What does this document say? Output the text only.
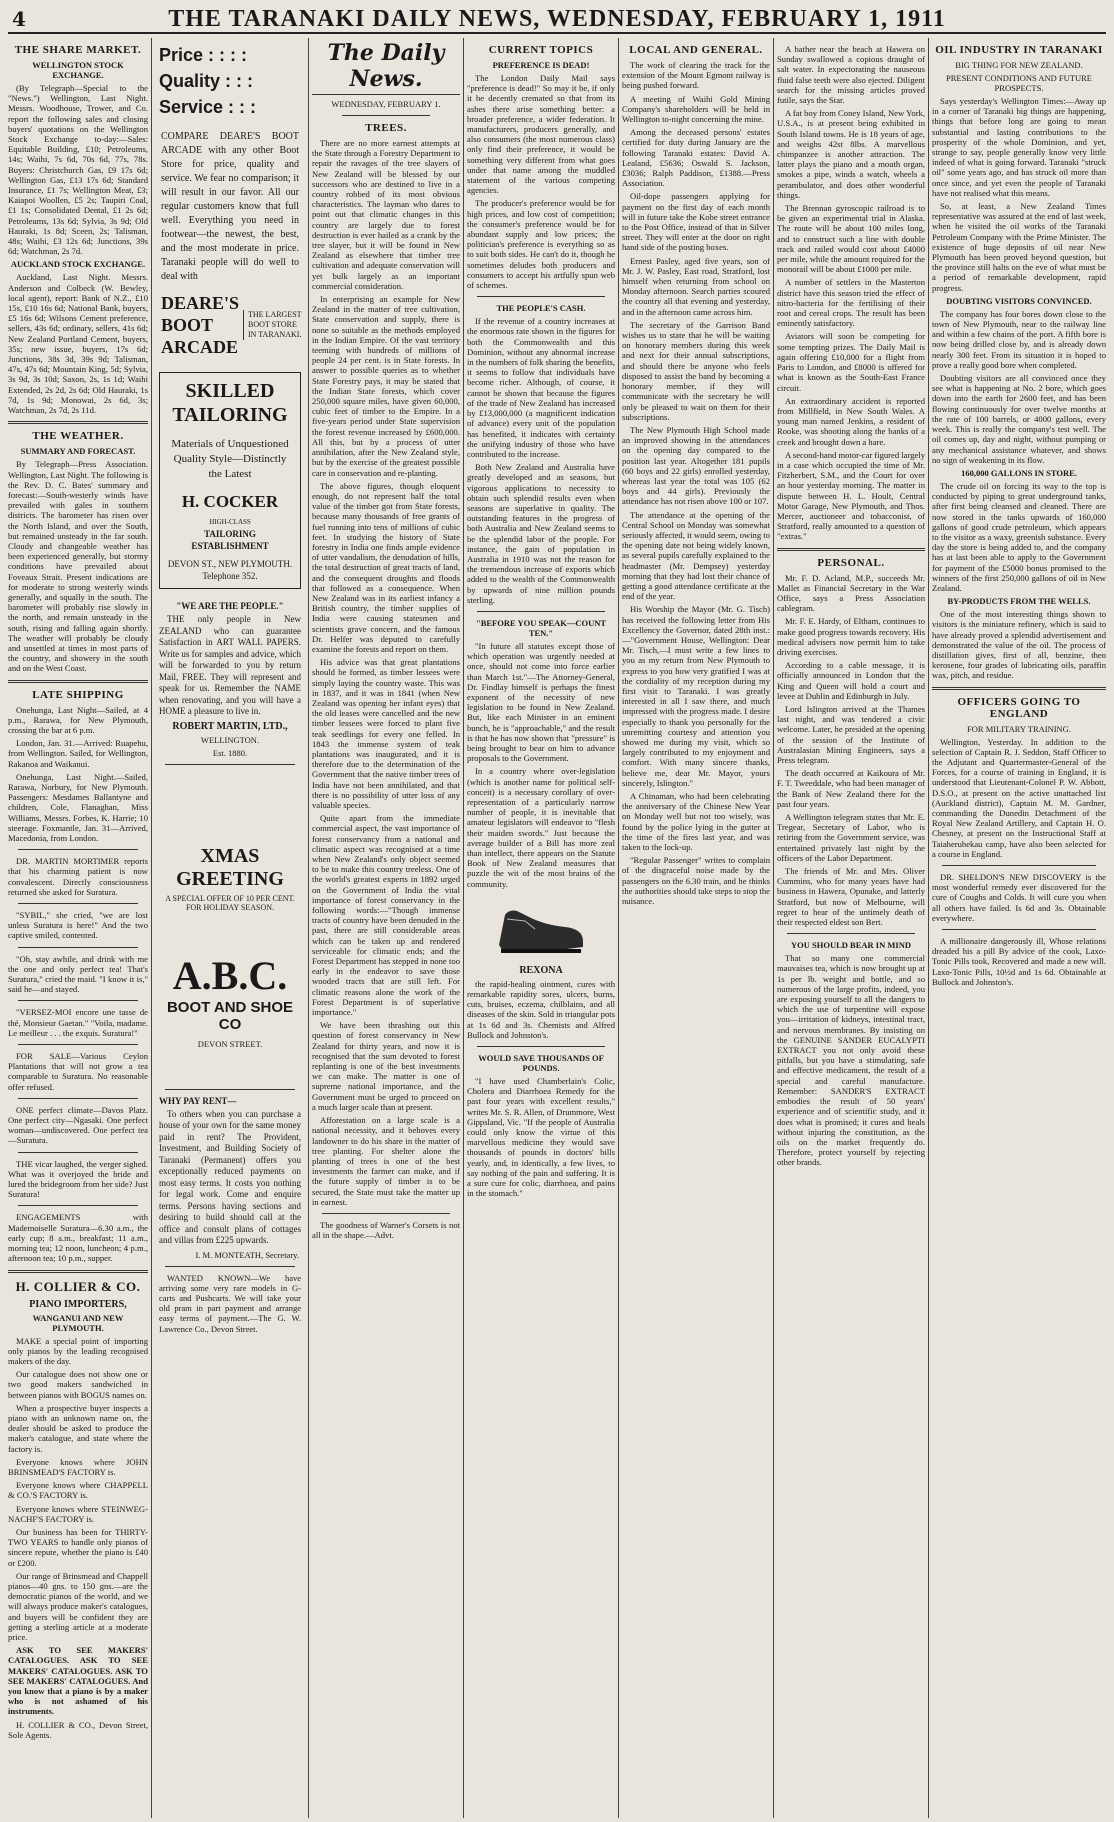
4	THE TARANAKI DAILY NEWS, WEDNESDAY, FEBRUARY 1, 1911
THE SHARE MARKET.
WELLINGTON STOCK EXCHANGE.

(By Telegraph—Special to the "News.") Wellington, Last Night. Messrs. Woodhouse, Trower, and Co. report the following sales and closing buyers' quotations on the Wellington Stock Exchange to-day:—Sales: Equitable Building, £10; Petroleums, 14s; Waihi, 7s 6d, 70s 6d, 77s, 78s. Buyers: Christchurch Gas, £9 17s 6d; Wellington Gas, £13 17s 6d; Standard Insurance, £1 7s; Wellington Meat, £3; Kaiapoi Woollen, £5 2s; Taupiri Coal, £1 1s; Consolidated Dental, £1 2s 6d; Petroleums, 13s 6d; Sylvia, 3s 9d; Old Hauraki, 1s 8d; Sceen, 2s; Talisman, 48s; Waihi, £3 12s 6d; Junctions, 39s 6d; Watchman, 2s 7d.

AUCKLAND STOCK EXCHANGE.

Auckland, Last Night. Messrs. Anderson and Colbeck (W. Bewley, local agent), report: Bank of N.Z., £10 15s, £10 16s 6d; National Bank, buyers, £5 16s 6d; Wilsons Cement preference, sellers, 43s 6d; ordinary, sellers, 41s 6d; New Zealand Portland Cement, buyers, 35s; new issue, buyers, 17s 6d; Junctions, 38s 3d, 39s 9d; Talisman, 47s, 47s 6d; Mountain King, 5d; Sylvia, 3s 9d, 3s 10d; Saxon, 2s, 1s 1d; Waihi Extended, 2s 2d, 2s 6d; Old Hauraki, 1s 7d, 1s 9d; Monowai, 2s 6d, 3s; Watchman, 2s 7d, 2s 11d.

THE WEATHER.
SUMMARY AND FORECAST.

By Telegraph—Press Association. Wellington, Last Night. The following is the Rev. D. C. Bates' summary and forecast:—South-westerly winds have prevailed with gales in southern districts. The barometer has risen over the North Island, and over the South, but remained unsteady in the far south. Cloudy and changeable weather has been experienced generally, but stormy conditions have prevailed about Foveaux Strait. Present indications are for moderate to strong westerly winds generally, and squally in the south. The barometer will probably rise slowly in the north, and remain unsteady in the south, rising and falling again shortly. The weather will probably be cloudy and unsettled at times in most parts of the country, and showery in the south and on the West Coast.

LATE SHIPPING

Onehunga, Last Night—Sailed, at 4 p.m., Rarawa, for New Plymouth, crossing the bar at 6 p.m.

London, Jan. 31.—Arrived: Ruapehu, from Wellington. Sailed, for Wellington, Rakanoa and Waikanui.

Onehunga, Last Night.—Sailed, Rarawa, Norbury, for New Plymouth. Passengers: Mesdames Ballantyne and children, Cole, Flanaghan, Miss Williams, Messrs. Forbes, K. Harrie; 10 steerage. Foxmantle, Jan. 31—Arrived, Macedonia, from London.

DR. MARTIN MORTIMER reports that his charming patient is now convalescent. Directly consciousness returned she asked for Suratura.

"SYBIL," she cried, "we are lost unless Suratura is here!" And the two captive smiled, contented.

"Oh, stay awhile, and drink with me the one and only perfect tea! That's Suratura," cried the maid. "I know it is," said he—and stayed.

"VERSEZ-MOI encore une tasse de thé, Monsieur Gaetan." "Voila, madame. Le meilleur . . . the exquis. Suratura!"

FOR SALE—Various Ceylon Plantations that will not grow a tea comparable to Suratura. No reasonable offer refused.

ONE perfect climate—Davos Platz. One perfect city—Ngasaki. One perfect woman—undiscovered. One perfect tea—Suratura.

THE vicar laughed, the verger sighed. What was it overjoyed the bride and lured the bridegroom from her side? Just Suratura!

ENGAGEMENTS with Mademoiselle Suratura—6.30 a.m., the early cup; 8 a.m., breakfast; 11 a.m., morning tea; 12 noon, luncheon; 4 p.m., afternoon tea; 10 p.m., supper.

H. COLLIER & CO.
PIANO IMPORTERS,
WANGANUI AND NEW PLYMOUTH.

MAKE a special point of importing only pianos by the leading recognised makers of the day.

Our catalogue does not show one or two good makers sandwiched in between pianos with BOGUS names on.

When a prospective buyer inspects a piano with an unknown name on, the dealer should be asked to produce the maker's catalogue, and state where the factory is.

Everyone knows where JOHN BRINSMEAD'S FACTORY is.

Everyone knows where CHAPPELL & CO.'S FACTORY is.

Everyone knows where STEINWEG-NACHF'S FACTORY is.

Our business has been for THIRTY-TWO YEARS to handle only pianos of sincere repute, whether the piano is £40 or £200.

Our range of Brinsmead and Chappell pianos—40 gns. to 150 gns.—are the democratic pianos of the world, and we will always produce maker's catalogues, and buyers will be confident they are getting a sterling article at a moderate price.

ASK TO SEE MAKERS' CATALOGUES. ASK TO SEE MAKERS' CATALOGUES. ASK TO SEE MAKERS' CATALOGUES. And you know that a piano is by a maker who is not ashamed of his instruments.

H. COLLIER & CO., Devon Street, Sole Agents.

Price : : : :
Quality : : :
Service : : :

COMPARE DEARE'S BOOT ARCADE with any other Boot Store for price, quality and service. We fear no comparison; it will result in our favor. All our regular customers know that full well. Everything you need in footwear—the newest, the best, and the most moderate in price. Taranaki people will do well to deal with

DEARE'S BOOT ARCADE
THE LARGEST BOOT STORE IN TARANAKI.
SKILLED TAILORING
Materials of Unquestioned Quality Style—Distinctly the Latest
H. COCKER
HIGH-CLASS
TAILORING ESTABLISHMENT
DEVON ST., NEW PLYMOUTH.
Telephone 352.
"WE ARE THE PEOPLE."

THE only people in New ZEALAND who can guarantee Satisfaction in ART WALL PAPERS. Write us for samples and advice, which will be forwarded to you by return Mail, FREE. They will represent and speak for us. Remember the NAME when renovating, and you will have a HOME a pleasure to live in.

ROBERT MARTIN, LTD.,
WELLINGTON.
Est. 1880.
XMAS GREETING
A SPECIAL OFFER OF 10 PER CENT. FOR HOLIDAY SEASON.
A.B.C.
BOOT AND SHOE CO
DEVON STREET.
WHY PAY RENT—

To others when you can purchase a house of your own for the same money paid in rent? The Provident, Investment, and Building Society of Taranaki (Permanent) offers you exceptionally reduced payments on most easy terms. It costs you nothing for legal work. Come and enquire terms. Persons having sections and desiring to build should call at the office and consult plans of cottages and villas from £225 upwards.

I. M. MONTEATH, Secretary.

WANTED KNOWN—We have arriving some very rare models in G-carts and Pushcarts. We will take your old pram in part payment and arrange easy terms of payment.—The G. W. Lawrence Co., Devon Street.

The Daily News.
WEDNESDAY, FEBRUARY 1.
TREES.

There are no more earnest attempts at the State through a Forestry Department to repair the ravages of the tree slayers of New Zealand will be blessed by our successors who are destined to live in a country robbed of its most obvious characteristics. The layman who dares to point out that climatic changes in this country are largely due to forest destruction is ever hailed as a crank by the tree slayer, but it will be found in New Zealand as elsewhere that timber tree cultivation and adequate conservation will yet bulk largely as an important commercial consideration.

In enterprising an example for New Zealand in the matter of tree cultivation, State conservation and supply, there is none so suitable as the methods employed in the Indian Empire. Of the vast territory teeming with hundreds of millions of people 24 per cent. is in State forests. In answer to possible queries as to whether State Forestry pays, it may be stated that the Indian State forests, which cover 250,000 square miles, have given 60,000, cubic feet of timber to the Empire. In a five-years period under State supervision the forest revenue increased by £600,000. All this, but by a process of utter annihilation, after the New Zealand style, but by the exercise of the greatest possible care in conservation and re-planting.

The above figures, though eloquent enough, do not represent half the total value of the timber got from State forests, because many thousands of free grants of fuel running into tens of millions of cubic feet. In studying the history of State forestry in India one finds ample evidence of utter vandalism, the denudation of hills, the total destruction of great tracts of land, and the consequent droughts and floods that followed as a consequence. When New Zealand was in its earliest infancy a British country, the timber supplies of India were causing statesmen and scientists grave concern, and the famous Dr. Helfer was deputed to carefully examine the forests and report on them.

His advice was that great plantations should be formed, as timber lessees were simply laying the country waste. This was in 1837, and it was in 1841 (when New Zealand was opening her infant eyes) that the old leases were cancelled and the new timber lessees were forced to plant five teak seedlings for every one felled. In 1843 the immense system of teak plantations was inaugurated, and it is therefore due to the determination of the Government that the native timber trees of India have not been annihilated, and that there is no possibility of utter loss of any valuable species.

Quite apart from the immediate commercial aspect, the vast importance of forest conservancy from a national and climatic aspect was recognised at a time when New Zealand's only object seemed to be to make this country treeless. One of the world's greatest experts in 1892 urged on the Government of India the vital importance of forest conservancy in the following words:—"Though immense tracts of country have been denuded in the past, there are still considerable areas which can be taken up and rendered serviceable for climatic ends; and the Forest Department has stepped in none too early in the endeavor to save those wooded tracts that are still left. For climatic reasons alone the work of the Forest Department is of superlative importance."

We have been thrashing out this question of forest conservancy in New Zealand for thirty years, and now it is recognised that the sum devoted to forest replanting is one of the best investments we can make. The matter is one of supreme national importance, and the Government must be urged to proceed on a much larger scale than at present.

Afforestation on a large scale is a national necessity, and it behoves every landowner to do his share in the matter of tree planting. For shelter alone the planting of trees is one of the best investments the farmer can make, and if the future supply of timber is to be secured, the State must take the matter up in earnest.

The goodness of Warner's Corsets is not all in the shape.—Advt.

CURRENT TOPICS
PREFERENCE IS DEAD!

The London Daily Mail says "preference is dead!" So may it be, if only it be decently cremated so that from its ashes there arise something better: a broader preference, a wider federation. It manufacturers, producers generally, and also consumers (the most numerous class) only find their preference, it would be something very different from what goes under that name among the muddled statement of the various competing agencies.

The producer's preference would be for high prices, and low cost of competition; the consumer's preference would be for abundant supply and low prices; the politician's preference is everything so as to suit both sides. He can't do it, though he sometimes deludes both producers and consumers to accept his artfully spun web of schemes.

THE PEOPLE'S CASH.

If the revenue of a country increases at the enormous rate shown in the figures for both the Commonwealth and this Dominion, without any abnormal increase in the numbers of folk sharing the benefits, it seems to follow that individuals have become richer. Although, of course, it cannot be shown that because the figures of the trade of New Zealand has increased by £13,000,000 (a magnificent indication of advance) every unit of the population has benefited, it indicates with certainty the unifying industry of those who have contributed to the increase.

Both New Zealand and Australia have greatly developed and as seasons, but vigorous applications to necessity to obtain such splendid results even when seasons are superlative in quality. The outstanding features in the progress of both Australia and New Zealand seems to be the splendid labor of the people. For instance, the gain of population in Australia in 1910 was not the reason for the tremendous increase of exports which added to the wealth of the Commonwealth by upwards of nine million pounds sterling.

"BEFORE YOU SPEAK—COUNT TEN."

"In future all statutes except those of which operation was urgently needed at once, should not come into force earlier than March 1st."—The Attorney-General, Dr. Findlay himself is perhaps the finest exponent of the necessity of new legislation to be found in New Zealand. But, like each Minister in an eminent bunch, he is "approachable," and the result is that he has now shown that "pressure" is being brought to bear on him to advance proposals to the Government.

In a country where over-legislation (which is another name for political self-conceit) is a necessary corollary of over-representation of a particularly narrow number of people, it is inevitable that amateur legislators will endeavor to "flesh their maiden swords." Just because the average builder of a Bill has more zeal than intellect, there appears on the Statute Book of New Zealand measures that puzzle the wit of the most brains of the community.

REXONA

the rapid-healing ointment, cures with remarkable rapidity sores, ulcers, burns, cuts, bruises, eczema, chilblains, and all diseases of the skin. Sold in triangular pots at 1s 6d and 3s. Chemists and Alfred Bullock and Johnston's.

WOULD SAVE THOUSANDS OF POUNDS.

"I have used Chamberlain's Colic, Cholera and Diarrhoea Remedy for the past four years with excellent results," writes Mr. S. R. Allen, of Drummore, West Gippsland, Vic. "If the people of Australia could only know the virtue of this marvellous medicine they would save thousands of pounds in doctors' bills yearly, and, in identically, a few lives, to say nothing of the pain and suffering. It is a sure cure for colic, diarrhoea, and pains in the stomach."

LOCAL AND GENERAL.

The work of clearing the track for the extension of the Mount Egmont railway is being pushed forward.

A meeting of Waihi Gold Mining Company's shareholders will be held in Wellington to-night concerning the mine.

Among the deceased persons' estates certified for duty during January are the following Taranaki estates: David A. Lealand, £5636; Oswald S. Jackson, £3036; Ralph Paddison, £1388.—Press Association.

Oil-dope passengers applying for payment on the first day of each month will in future take the Kobe street entrance to the Post Office, instead of that in Silver street. They will enter at the door on right hand side of the posting boxes.

Ernest Pasley, aged five years, son of Mr. J. W. Pasley, East road, Stratford, lost himself when returning from school on Monday afternoon. Search parties scoured the country all that evening and yesterday, and in the afternoon came across him.

The secretary of the Garrison Band wishes us to state that he will be waiting on honorary members during this week and next for their annual subscriptions, and should there be anyone who feels disposed to assist the band by becoming a honorary member, if they will communicate with the secretary he will only be pleased to wait on them for their subscriptions.

The New Plymouth High School made an improved showing in the attendances on the opening day compared to the position last year. Altogether 181 pupils (60 boys and 22 girls) enrolled yesterday, whereas last year the total was 105 (62 boys and 44 girls). Previously the attendance has not risen above 100 or 107.

The attendance at the opening of the Central School on Monday was somewhat seriously affected, it would seem, owing to the opening date not being widely known, as several pupils carefully explained to the headmaster (Mr. Dempsey) yesterday morning that they had lost their chance of getting a good attendance certificate at the end of the year.

His Worship the Mayor (Mr. G. Tisch) has received the following letter from His Excellency the Governor, dated 28th inst.:—"Government House, Wellington: Dear Mr. Tisch,—I must write a few lines to you as my return from New Plymouth to express to you how very gratified I was at the cordiality of my reception during my first visit to Taranaki. I was greatly interested in all I saw there, and much impressed with the progress made. I desire especially to thank you personally for the unremitting courtesy and attention you showed me during my visit, which so largely contributed to my enjoyment and comfort. With many sincere thanks, believe me, dear Mr. Mayor, yours sincerely, Islington."

A Chinaman, who had been celebrating the anniversary of the Chinese New Year on Monday well but not too wisely, was found by the police lying in the gutter at the time of the fires last year, and was taken to the lock-up.

"Regular Passenger" writes to complain of the disgraceful noise made by the passengers on the 6.30 train, and he thinks the authorities should take steps to stop the nuisance.

A bather near the beach at Hawera on Sunday swallowed a copious draught of salt water. In expectorating the nauseous fluid false teeth were also ejected. Diligent search for the missing articles proved futile, says the Star.

A fat boy from Coney Island, New York, U.S.A., is at present being exhibited in South Island towns. He is 18 years of age, and weighs 42st 8lbs. A marvellous chimpanzee is another attraction. The latter plays the piano and a mouth organ, smokes a pipe, winds a watch, wheels a perambulator, and does other wonderful things.

The Brennan gyroscopic railroad is to be given an experimental trial in Alaska. The route will be about 100 miles long, and to construct such a line with double track and railed would cost about £4000 per mile, while the amount required for the monorail will be about £1000 per mile.

A number of settlers in the Masterton district have this season tried the effect of nitro-bacteria for the fertilising of their root and cereal crops. The result has been eminently satisfactory.

Aviators will soon be competing for some tempting prizes. The Daily Mail is again offering £10,000 for a flight from Paris to London, and £8000 is offered for what is known as the South-East France circuit.

An extraordinary accident is reported from Millfield, in New South Wales. A young man named Jenkins, a resident of Rooke, was shooting along the banks of a creek and brought down a hare.

A second-hand motor-car figured largely in a case which occupied the time of Mr. Fitzherbert, S.M., and the Court for over an hour yesterday morning. The matter in dispute between H. L. Hoult, Central Motor Garage, New Plymouth, and Thos. Mercer, auctioneer and tobacconist, of Stratford, really amounted to a question of "extras."

PERSONAL.

Mr. F. D. Acland, M.P., succeeds Mr. Mallet as Financial Secretary in the War Office, says a Press Association cablegram.

Mr. F. E. Hardy, of Eltham, continues to make good progress towards recovery. His medical advisers now permit him to take driving exercises.

According to a cable message, it is officially announced in London that the King and Queen will hold a court and levee at Dublin and Edinburgh in July.

Lord Islington arrived at the Thames last night, and was tendered a civic welcome. Later, he presided at the opening of the session of the Institute of Australasian Mining Engineers, says a Press telegram.

The death occurred at Kaikoura of Mr. F. T. Tweeddale, who had been manager of the Bank of New Zealand there for the past four years.

A Wellington telegram states that Mr. E. Tregear, Secretary of Labor, who is retiring from the Government service, was entertained privately last night by the officers of the Labor Department.

The friends of Mr. and Mrs. Oliver Cummins, who for many years have had business in Hawera, Opunake, and latterly Stratford, but now of Melbourne, will regret to hear of the untimely death of their respected eldest son Bert.

YOU SHOULD BEAR IN MIND

That so many one commercial mauvaises tea, which is now brought up at 1s per lb. weight and bottle, and so numerous of the large profits, indeed, you are exposing yourself to all the dangers to which the use of turpentine will expose you—irritation of kidneys, intestinal tract, and nervous membranes. By insisting on the GENUINE SANDER EUCALYPTI EXTRACT you not only avoid these pitfalls, but you have a stimulating, safe and effective medicament, the result of a special and careful manufacture. Remember: SANDER'S EXTRACT embodies the result of 50 years' experience and of scientific study, and it does what is promised; it cures and heals without injuring the constitution, as the oils on the market frequently do. Therefore, protect yourself by rejecting other brands.

OIL INDUSTRY IN TARANAKI
BIG THING FOR NEW ZEALAND.
PRESENT CONDITIONS AND FUTURE PROSPECTS.

Says yesterday's Wellington Times:—Away up in a corner of Taranaki big things are happening, things that before long are going to mean substantial and lasting contributions to the prosperity of the whole Dominion, and yet, strange to say, people generally know very little indeed of what is going forward. Taranaki "struck oil" some years ago, and has struck oil more than once since, and yet even the people of Taranaki have not realised what this means.

So, at least, a New Zealand Times representative was assured at the end of last week, when he visited the oil works of the Taranaki Petroleum Company with the Prime Minister. The existence of huge deposits of oil near New Plymouth has been proved beyond question, but the province still halts on the eve of what must be a period of remarkable development, rapid progress.

DOUBTING VISITORS CONVINCED.

The company has four bores down close to the town of New Plymouth, near to the railway line and within a few chains of the port. A fifth bore is now being drilled close by, and is already down nearly 300 feet. From its situation it is hoped to prove a really good bore when completed.

Doubting visitors are all convinced once they see what is happening at No. 2 bore, which goes down into the earth for 2600 feet, and has been flowing continuously for over twelve months at the rate of 100 barrels, or 4000 gallons, every week. This is really the company's test well. The oil comes up, day and night, without pumping or any mechanical assistance whatever, and shows no sign of weakening in its flow.

160,000 GALLONS IN STORE.

The crude oil on forcing its way to the top is conducted by piping to great underground tanks, after first being cleansed and cleaned. There are now stored in the tanks upwards of 160,000 gallons of good crude petroleum, which appears to the visitor as a waxy, greenish substance. Every day the store is being added to, and the company has at last been able to apply to the Government for payment of the £5000 bonus promised to the winners of the first 250,000 gallons of oil in New Zealand.

BY-PRODUCTS FROM THE WELLS.

One of the most interesting things shown to visitors is the miniature refinery, which is said to have already proved a splendid advertisement and demonstrated the value of the oil. The process of distillation gives, first of all, benzine, then kerosene, four grades of lubricating oils, paraffin wax, pitch, and residue.

OFFICERS GOING TO ENGLAND
FOR MILITARY TRAINING.

Wellington, Yesterday. In addition to the selection of Captain R. J. Seddon, Staff Officer to the Adjutant and Quartermaster-General of the Forces, for a course of training in England, it is understood that Lieutenant-Colonel P. W. Abbott, D.S.O., at present on the active unattached list (Auckland district), Captain M. M. Gardner, commanding the Dunedin Detachment of the Royal New Zealand Artillery, and Captain H. O. Chesney, at present on the Instructional Staff at Taiaheruhekau camp, have also been selected for a course in England.

DR. SHELDON'S NEW DISCOVERY is the most wonderful remedy ever discovered for the cure of Coughs and Colds. It will cure you when all others have failed. Is 6d and 3s. Obtainable everywhere.

A millionaire dangerously ill, Whose relations dreaded his a pill By advice of the cook, Laxo-Tonic Pills took, Recovered and made a new will. Laxo-Tonic Pills, 10½d and 1s 6d. Obtainable at Bullock and Johnston's.
